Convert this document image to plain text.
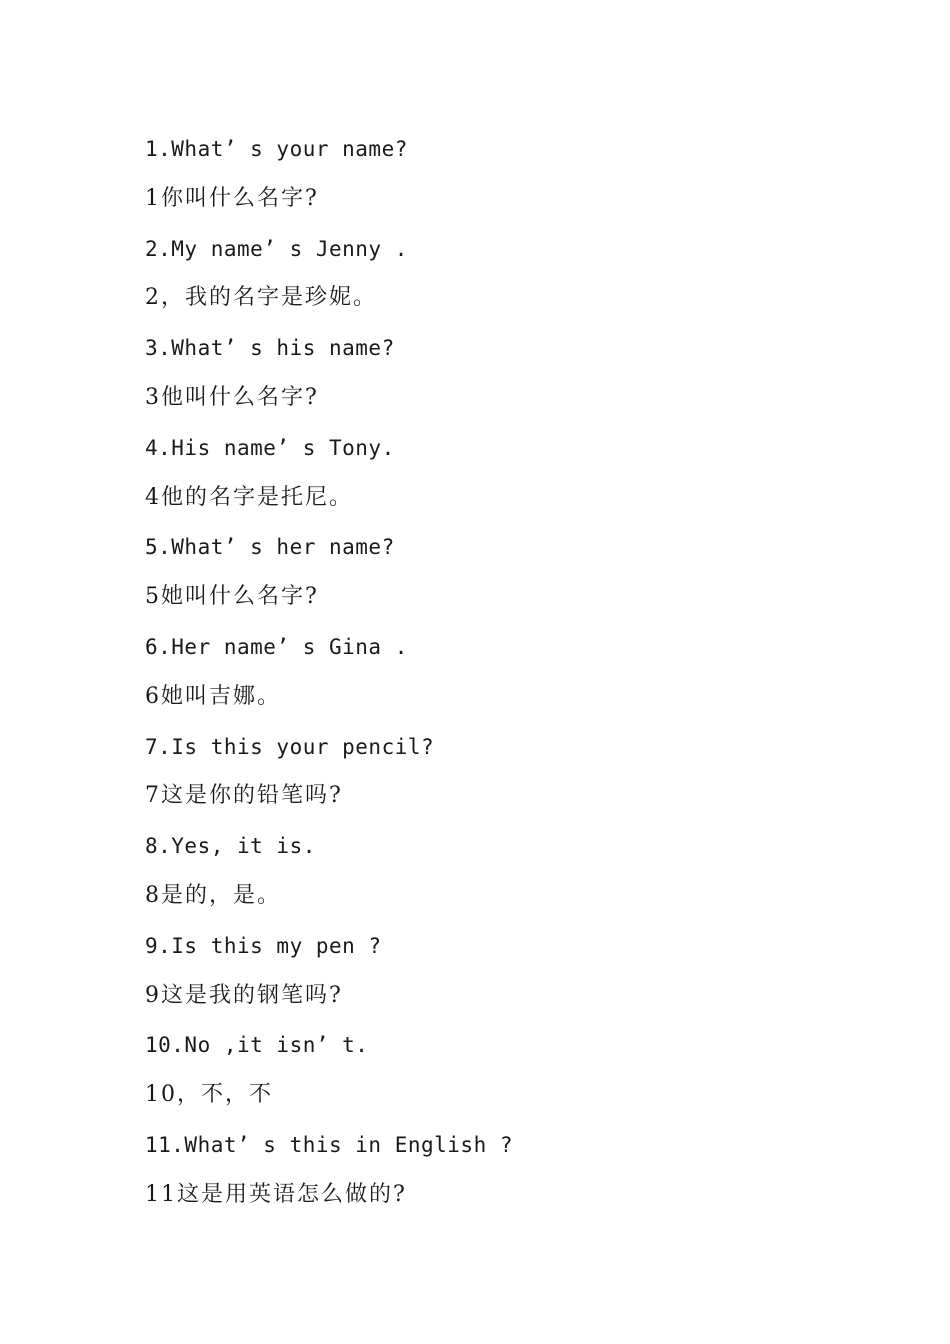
1.What’ s your name?
1你叫什么名字?
2.My name’ s Jenny .
2，我的名字是珍妮。
3.What’ s his name?
3他叫什么名字?
4.His name’ s Tony.
4他的名字是托尼。
5.What’ s her name?
5她叫什么名字?
6.Her name’ s Gina .
6她叫吉娜。
7.Is this your pencil?
7这是你的铅笔吗?
8.Yes, it is.
8是的，是。
9.Is this my pen ?
9这是我的钢笔吗?
10.No ,it isn’ t.
10，不，不
11.What’ s this in English ?
11这是用英语怎么做的?
